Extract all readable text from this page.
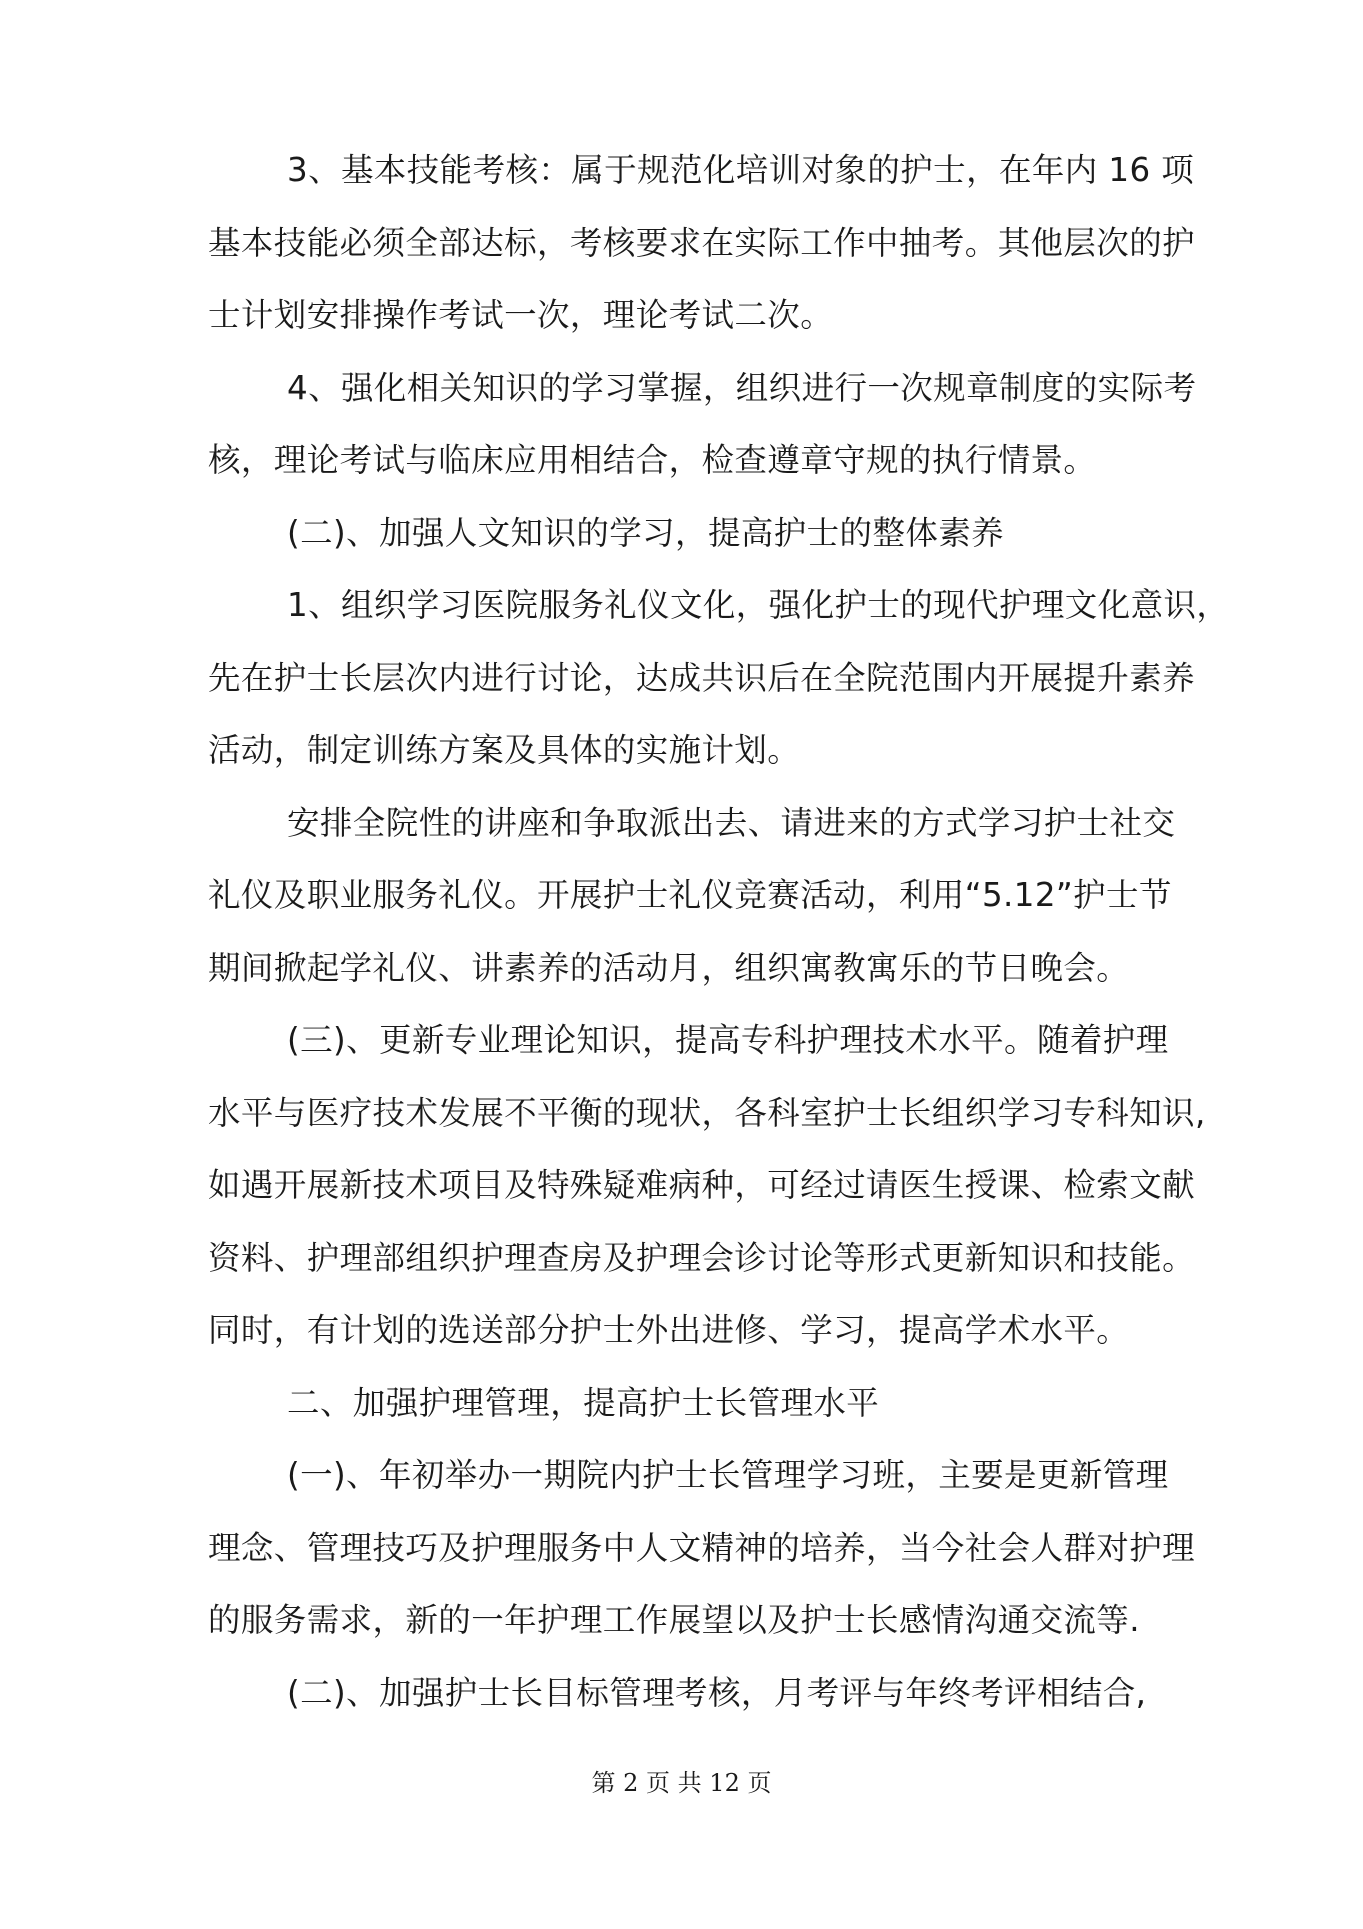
3、基本技能考核：属于规范化培训对象的护士，在年内 16 项
基本技能必须全部达标，考核要求在实际工作中抽考。其他层次的护
士计划安排操作考试一次，理论考试二次。

4、强化相关知识的学习掌握，组织进行一次规章制度的实际考
核，理论考试与临床应用相结合，检查遵章守规的执行情景。

(二)、加强人文知识的学习，提高护士的整体素养

1、组织学习医院服务礼仪文化，强化护士的现代护理文化意识，
先在护士长层次内进行讨论，达成共识后在全院范围内开展提升素养
活动，制定训练方案及具体的实施计划。

安排全院性的讲座和争取派出去、请进来的方式学习护士社交
礼仪及职业服务礼仪。开展护士礼仪竞赛活动，利用“5.12”护士节
期间掀起学礼仪、讲素养的活动月，组织寓教寓乐的节日晚会。

(三)、更新专业理论知识，提高专科护理技术水平。随着护理
水平与医疗技术发展不平衡的现状，各科室护士长组织学习专科知识,
如遇开展新技术项目及特殊疑难病种，可经过请医生授课、检索文献
资料、护理部组织护理查房及护理会诊讨论等形式更新知识和技能。
同时，有计划的选送部分护士外出进修、学习，提高学术水平。

二、加强护理管理，提高护士长管理水平

(一)、年初举办一期院内护士长管理学习班，主要是更新管理
理念、管理技巧及护理服务中人文精神的培养，当今社会人群对护理
的服务需求，新的一年护理工作展望以及护士长感情沟通交流等.

(二)、加强护士长目标管理考核，月考评与年终考评相结合,

第 2 页 共 12 页
